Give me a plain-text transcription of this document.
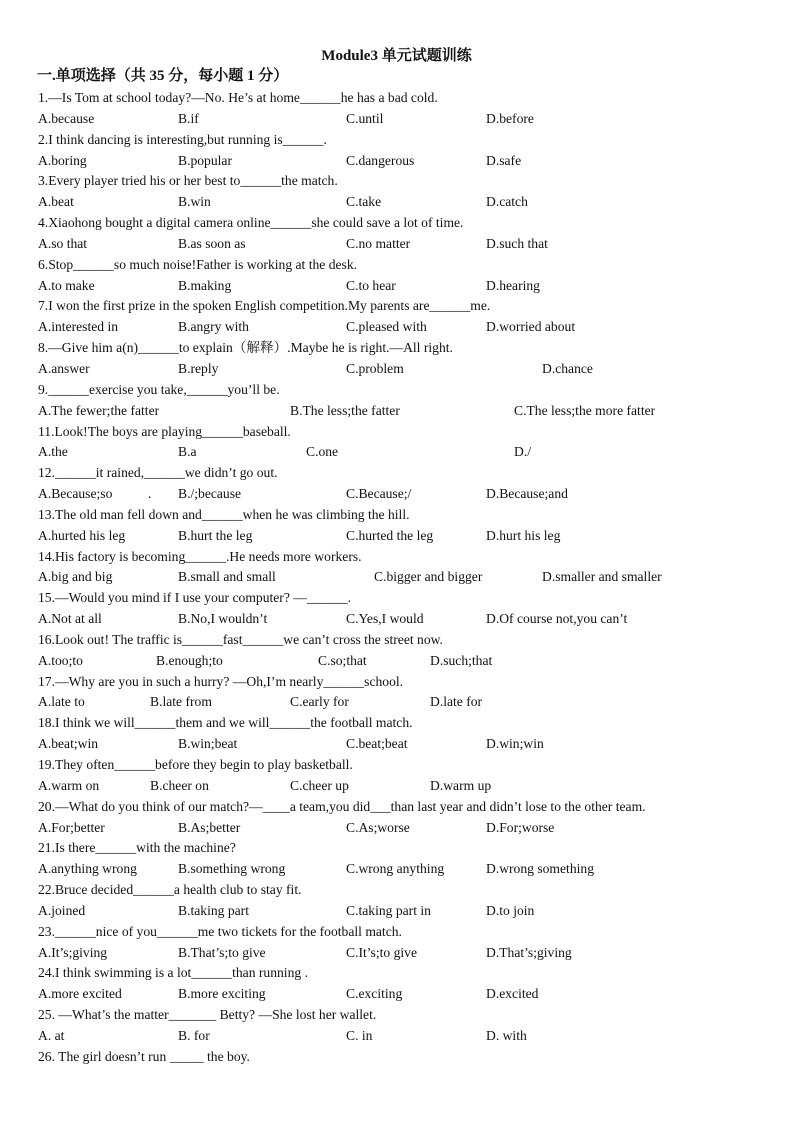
Module3 单元试题训练
一.单项选择（共 35 分，每小题 1 分）
1.—Is Tom at school today?—No. He’s at home______he has a bad cold.
A.because	B.if	C.until	D.before
2.I think dancing is interesting,but running is______.
A.boring	B.popular	C.dangerous	D.safe
3.Every player tried his or her best to______the match.
A.beat	B.win	C.take	D.catch
4.Xiaohong bought a digital camera online______she could save a lot of time.
A.so that	B.as soon as	C.no matter	D.such that
6.Stop______so much noise!Father is working at the desk.
A.to make	B.making	C.to hear	D.hearing
7.I won the first prize in the spoken English competition.My parents are______me.
A.interested in	B.angry with	C.pleased with	D.worried about
8.—Give him a(n)______to explain（解释）.Maybe he is right.—All right.
A.answer	B.reply	C.problem	D.chance
9.______exercise you take,______you’ll be.
A.The fewer;the fatter	B.The less;the fatter	C.The less;the more fatter
11.Look!The boys are playing______baseball.
A.the	B.a	C.one	D./
12.______it rained,______we didn’t go out.
A.Because;so	B./;because	C.Because;/	D.Because;and
.
13.The old man fell down and______when he was climbing the hill.
A.hurted his leg	B.hurt the leg	C.hurted the leg	D.hurt his leg
14.His factory is becoming______.He needs more workers.
A.big and big	B.small and small	C.bigger and bigger	D.smaller and smaller
15.—Would you mind if I use your computer? —______.
A.Not at all	B.No,I wouldn’t	C.Yes,I would	D.Of course not,you can’t
16.Look out! The traffic is______fast______we can’t cross the street now.
A.too;to	B.enough;to	C.so;that	D.such;that
17.—Why are you in such a hurry? —Oh,I’m nearly______school.
A.late to	B.late from	C.early for	D.late for
18.I think we will______them and we will______the football match.
A.beat;win	B.win;beat	C.beat;beat	D.win;win
19.They often______before they begin to play basketball.
A.warm on	B.cheer on	C.cheer up	D.warm up
20.—What do you think of our match?—____a team,you did___than last year and didn’t lose to the other team.
A.For;better	B.As;better	C.As;worse	D.For;worse
21.Is there______with the machine?
A.anything wrong	B.something wrong	C.wrong anything	D.wrong something
22.Bruce decided______a health club to stay fit.
A.joined	B.taking part	C.taking part in	D.to join
23.______nice of you______me two tickets for the football match.
A.It’s;giving	B.That’s;to give	C.It’s;to give	D.That’s;giving
24.I think swimming is a lot______than running .
A.more excited	B.more exciting	C.exciting	D.excited
25. —What’s the matter_______ Betty? —She lost her wallet.
A. at	B. for	C. in	D. with
26. The girl doesn’t run _____ the boy.
